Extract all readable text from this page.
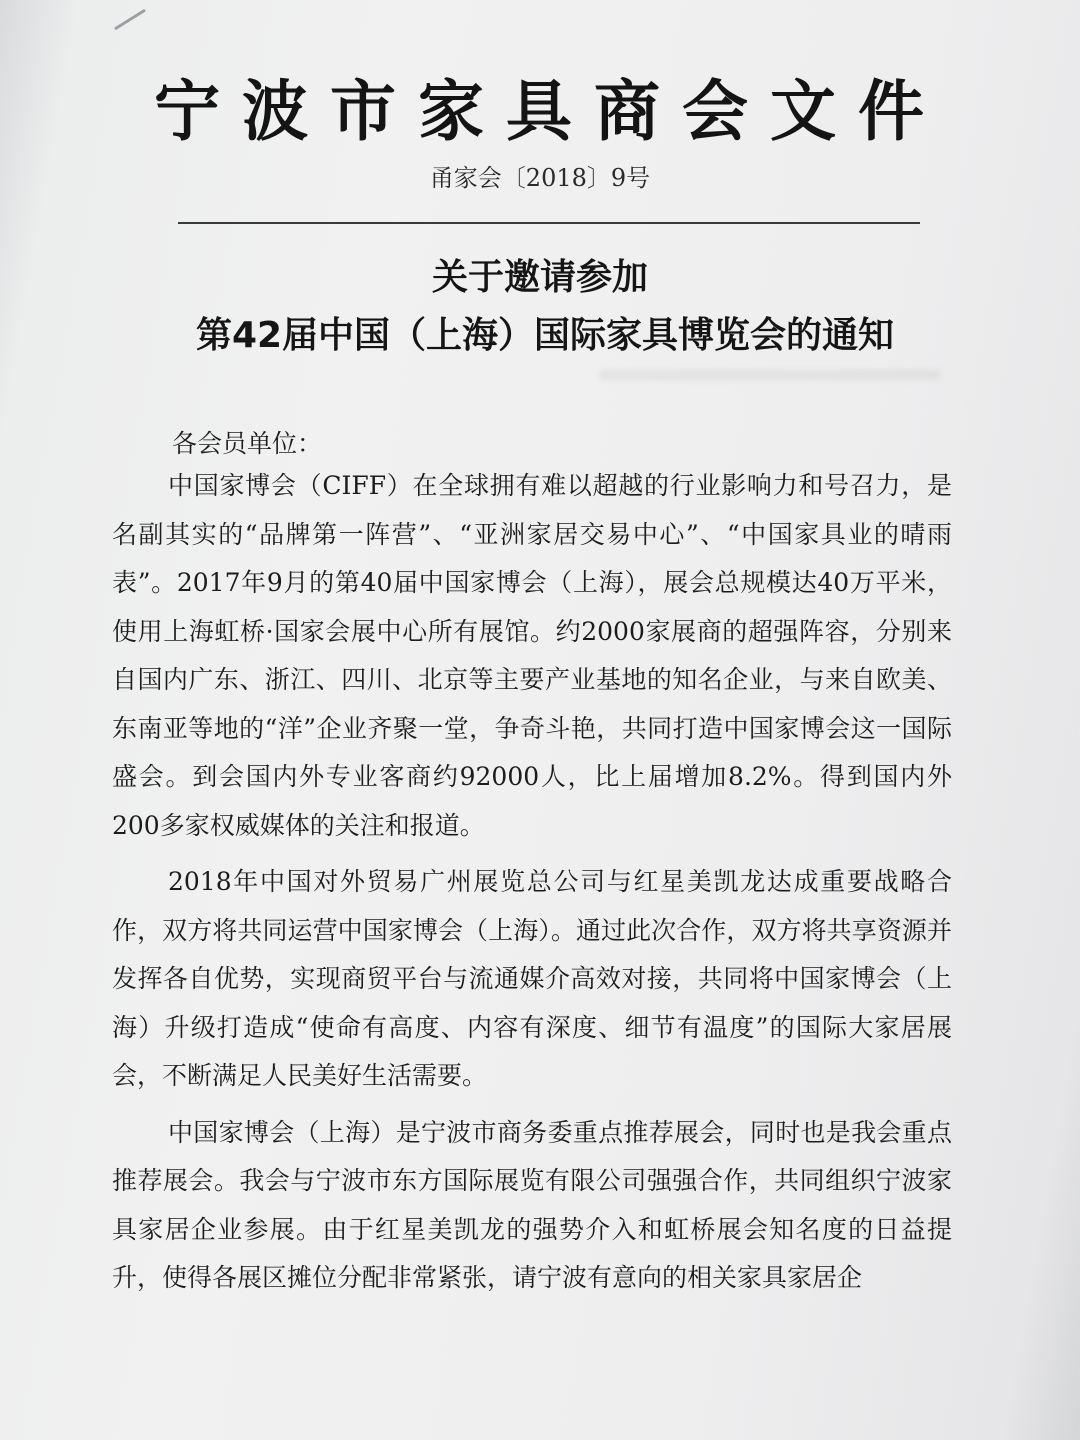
宁波市家具商会文件
甬家会〔2018〕9号
关于邀请参加
第42届中国（上海）国际家具博览会的通知
各会员单位：

中国家博会（CIFF）在全球拥有难以超越的行业影响力和号召力，是名副其实的“品牌第一阵营”、“亚洲家居交易中心”、“中国家具业的晴雨表”。2017年9月的第40届中国家博会（上海），展会总规模达40万平米，使用上海虹桥·国家会展中心所有展馆。约2000家展商的超强阵容，分别来自国内广东、浙江、四川、北京等主要产业基地的知名企业，与来自欧美、东南亚等地的“洋”企业齐聚一堂，争奇斗艳，共同打造中国家博会这一国际盛会。到会国内外专业客商约92000人，比上届增加8.2%。得到国内外200多家权威媒体的关注和报道。

2018年中国对外贸易广州展览总公司与红星美凯龙达成重要战略合作，双方将共同运营中国家博会（上海）。通过此次合作，双方将共享资源并发挥各自优势，实现商贸平台与流通媒介高效对接，共同将中国家博会（上海）升级打造成“使命有高度、内容有深度、细节有温度”的国际大家居展会，不断满足人民美好生活需要。

中国家博会（上海）是宁波市商务委重点推荐展会，同时也是我会重点推荐展会。我会与宁波市东方国际展览有限公司强强合作，共同组织宁波家具家居企业参展。由于红星美凯龙的强势介入和虹桥展会知名度的日益提升，使得各展区摊位分配非常紧张，请宁波有意向的相关家具家居企
